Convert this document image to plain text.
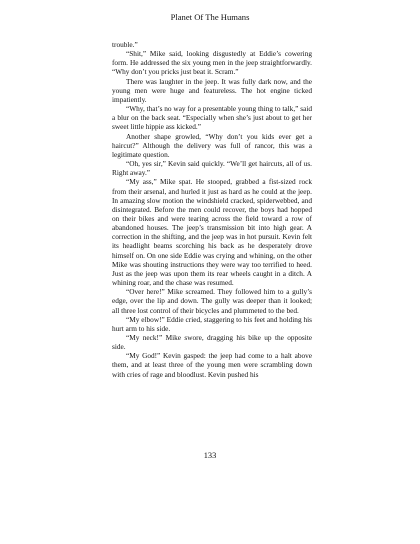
Planet Of The Humans

trouble.”

“Shit,” Mike said, looking disgustedly at Eddie’s cowering form. He addressed the six young men in the jeep straightforwardly. “Why don’t you pricks just beat it. Scram.”

There was laughter in the jeep. It was fully dark now, and the young men were huge and featureless. The hot engine ticked impatiently.

“Why, that’s no way for a presentable young thing to talk,” said a blur on the back seat. “Especially when she’s just about to get her sweet little hippie ass kicked.”

Another shape growled, “Why don’t you kids ever get a haircut?” Although the delivery was full of rancor, this was a legitimate question.

“Oh, yes sir,” Kevin said quickly. “We’ll get haircuts, all of us. Right away.”

“My ass,” Mike spat. He stooped, grabbed a fist-sized rock from their arsenal, and hurled it just as hard as he could at the jeep. In amazing slow motion the windshield cracked, spiderwebbed, and disintegrated. Before the men could recover, the boys had hopped on their bikes and were tearing across the field toward a row of abandoned houses. The jeep’s transmission bit into high gear. A correction in the shifting, and the jeep was in hot pursuit. Kevin felt its headlight beams scorching his back as he desperately drove himself on. On one side Eddie was crying and whining, on the other Mike was shouting instructions they were way too terrified to heed. Just as the jeep was upon them its rear wheels caught in a ditch. A whining roar, and the chase was resumed.

“Over here!” Mike screamed. They followed him to a gully’s edge, over the lip and down. The gully was deeper than it looked; all three lost control of their bicycles and plummeted to the bed.

“My elbow!” Eddie cried, staggering to his feet and holding his hurt arm to his side.

“My neck!” Mike swore, dragging his bike up the opposite side.

“My God!” Kevin gasped: the jeep had come to a halt above them, and at least three of the young men were scrambling down with cries of rage and bloodlust. Kevin pushed his

133
